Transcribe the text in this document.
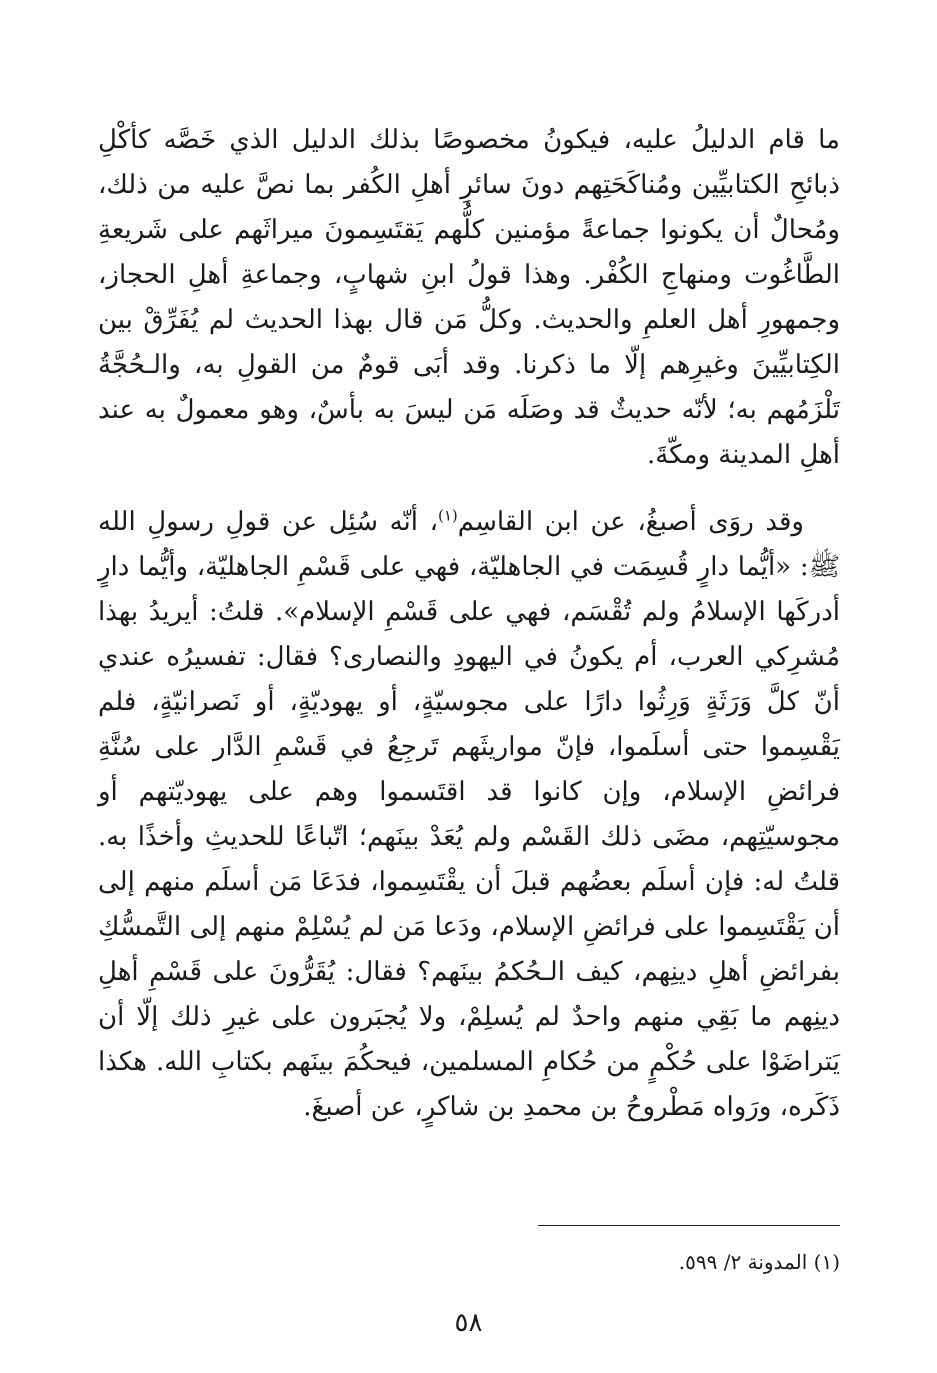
ما قام الدليلُ عليه، فيكونُ مخصوصًا بذلك الدليل الذي خَصَّه كأكْلِ ذبائحِ الكتابيِّين ومُناكَحَتِهم دونَ سائرِ أهلِ الكُفر بما نصَّ عليه من ذلك، ومُحالٌ أن يكونوا جماعةً مؤمنين كلُّهم يَقتَسِمونَ ميراثَهم على شَريعةِ الطَّاغُوت ومنهاجِ الكُفْر. وهذا قولُ ابنِ شهابٍ، وجماعةِ أهلِ الحجاز، وجمهورِ أهل العلمِ والحديث. وكلُّ مَن قال بهذا الحديث لم يُفَرِّقْ بين الكِتابيِّينَ وغيرِهم إلّا ما ذكرنا. وقد أبَى قومٌ من القولِ به، والـحُجَّةُ تَلْزَمُهم به؛ لأنّه حديثٌ قد وصَلَه مَن ليسَ به بأسٌ، وهو معمولٌ به عند أهلِ المدينة ومكّةَ.

وقد روَى أصبغُ، عن ابن القاسِم$^{(١)}$، أنّه سُئِل عن قولِ رسولِ الله ﷺ: «أيُّما دارٍ قُسِمَت في الجاهليّة، فهي على قَسْمِ الجاهليّة، وأيُّما دارٍ أدركَها الإسلامُ ولم تُقْسَم، فهي على قَسْمِ الإسلام». قلتُ: أيريدُ بهذا مُشرِكي العرب، أم يكونُ في اليهودِ والنصارى؟ فقال: تفسيرُه عندي أنّ كلَّ وَرَثَةٍ وَرِثُوا دارًا على مجوسيّةٍ، أو يهوديّةٍ، أو نَصرانيّةٍ، فلم يَقْسِموا حتى أسلَموا، فإنّ مواريثَهم تَرجِعُ في قَسْمِ الدَّار على سُنَّةِ فرائضِ الإسلام، وإن كانوا قد اقتَسموا وهم على يهوديّتهم أو مجوسيّتِهم، مضَى ذلك القَسْم ولم يُعَدْ بينَهم؛ اتّباعًا للحديثِ وأخذًا به. قلتُ له: فإن أسلَم بعضُهم قبلَ أن يقْتَسِموا، فدَعَا مَن أسلَم منهم إلى أن يَقْتَسِموا على فرائضِ الإسلام، ودَعا مَن لم يُسْلِمْ منهم إلى التَّمسُّكِ بفرائضِ أهلِ دينِهم، كيف الـحُكمُ بينَهم؟ فقال: يُقَرُّونَ على قَسْمِ أهلِ دينِهم ما بَقِي منهم واحدٌ لم يُسلِمْ، ولا يُجبَرون على غيرِ ذلك إلّا أن يَتراضَوْا على حُكْمٍ من حُكامِ المسلمين، فيحكُمَ بينَهم بكتابِ الله. هكذا ذَكَره، ورَواه مَطْروحُ بن محمدِ بن شاكرٍ، عن أصبغَ.

(١) المدونة ٢/ ٥٩٩.
٥٨
